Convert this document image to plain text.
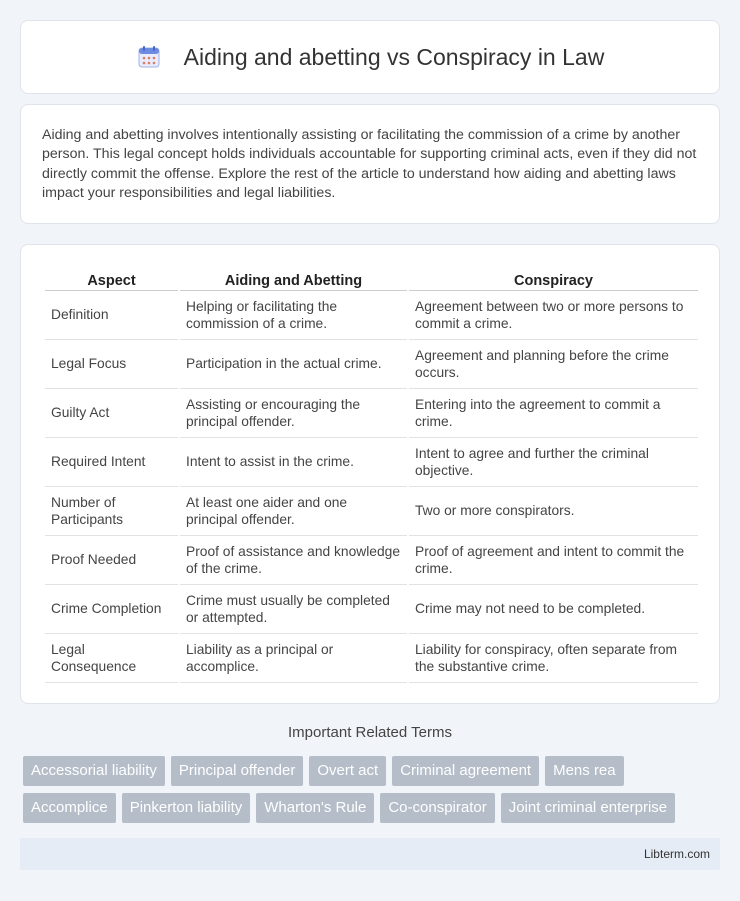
Aiding and abetting vs Conspiracy in Law

Aiding and abetting involves intentionally assisting or facilitating the commission of a crime by another person. This legal concept holds individuals accountable for supporting criminal acts, even if they did not directly commit the offense. Explore the rest of the article to understand how aiding and abetting laws impact your responsibilities and legal liabilities.

Aspect	Aiding and Abetting	Conspiracy
Definition	Helping or facilitating the commission of a crime.	Agreement between two or more persons to commit a crime.
Legal Focus	Participation in the actual crime.	Agreement and planning before the crime occurs.
Guilty Act	Assisting or encouraging the principal offender.	Entering into the agreement to commit a crime.
Required Intent	Intent to assist in the crime.	Intent to agree and further the criminal objective.
Number of Participants	At least one aider and one principal offender.	Two or more conspirators.
Proof Needed	Proof of assistance and knowledge of the crime.	Proof of agreement and intent to commit the crime.
Crime Completion	Crime must usually be completed or attempted.	Crime may not need to be completed.
Legal Consequence	Liability as a principal or accomplice.	Liability for conspiracy, often separate from the substantive crime.
Important Related Terms
Accessorial liability	Principal offender	Overt act	Criminal agreement	Mens rea
Accomplice	Pinkerton liability	Wharton's Rule	Co-conspirator	Joint criminal enterprise
Libterm.com
